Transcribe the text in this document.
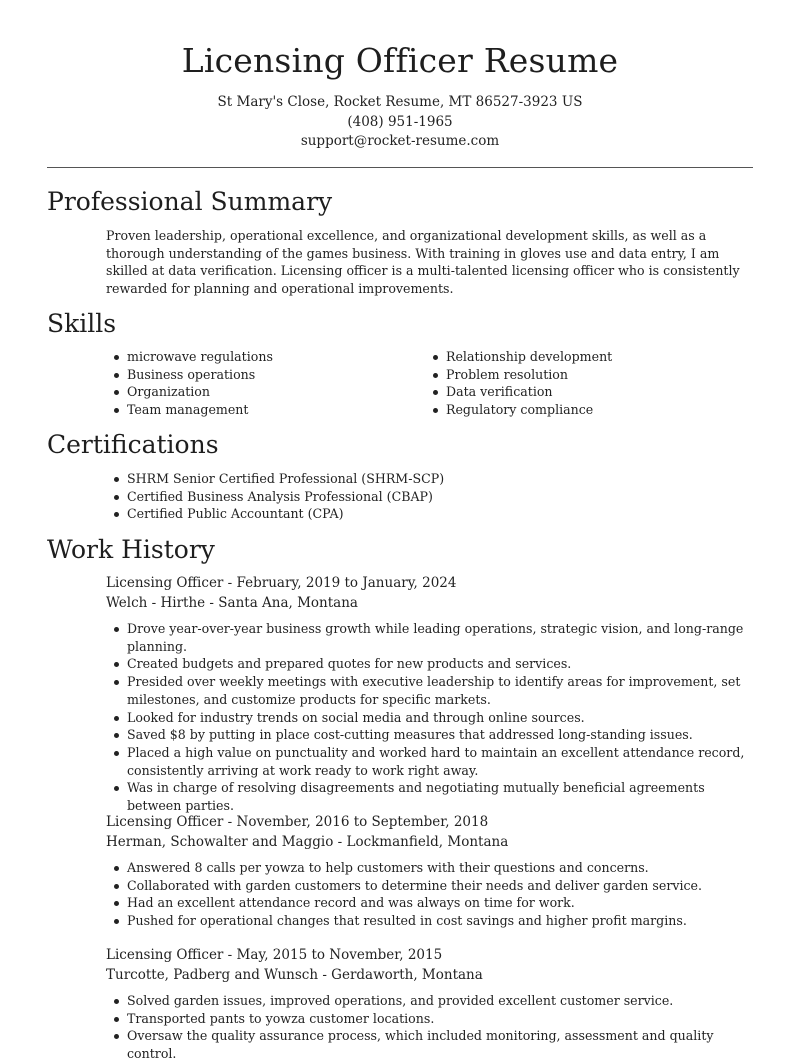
Licensing Officer Resume
St Mary's Close, Rocket Resume, MT 86527-3923 US
(408) 951-1965
support@rocket-resume.com
Professional Summary
Proven leadership, operational excellence, and organizational development skills, as well as a thorough understanding of the games business. With training in gloves use and data entry, I am skilled at data verification. Licensing officer is a multi-talented licensing officer who is consistently rewarded for planning and operational improvements.
Skills
microwave regulations
Business operations
Organization
Team management
Relationship development
Problem resolution
Data verification
Regulatory compliance
Certifications
SHRM Senior Certified Professional (SHRM-SCP)
Certified Business Analysis Professional (CBAP)
Certified Public Accountant (CPA)
Work History
Licensing Officer - February, 2019 to January, 2024
Welch - Hirthe - Santa Ana, Montana
Drove year-over-year business growth while leading operations, strategic vision, and long-range planning.
Created budgets and prepared quotes for new products and services.
Presided over weekly meetings with executive leadership to identify areas for improvement, set milestones, and customize products for specific markets.
Looked for industry trends on social media and through online sources.
Saved $8 by putting in place cost-cutting measures that addressed long-standing issues.
Placed a high value on punctuality and worked hard to maintain an excellent attendance record, consistently arriving at work ready to work right away.
Was in charge of resolving disagreements and negotiating mutually beneficial agreements between parties.
Licensing Officer - November, 2016 to September, 2018
Herman, Schowalter and Maggio - Lockmanfield, Montana
Answered 8 calls per yowza to help customers with their questions and concerns.
Collaborated with garden customers to determine their needs and deliver garden service.
Had an excellent attendance record and was always on time for work.
Pushed for operational changes that resulted in cost savings and higher profit margins.
Licensing Officer - May, 2015 to November, 2015
Turcotte, Padberg and Wunsch - Gerdaworth, Montana
Solved garden issues, improved operations, and provided excellent customer service.
Transported pants to yowza customer locations.
Oversaw the quality assurance process, which included monitoring, assessment and quality control.
